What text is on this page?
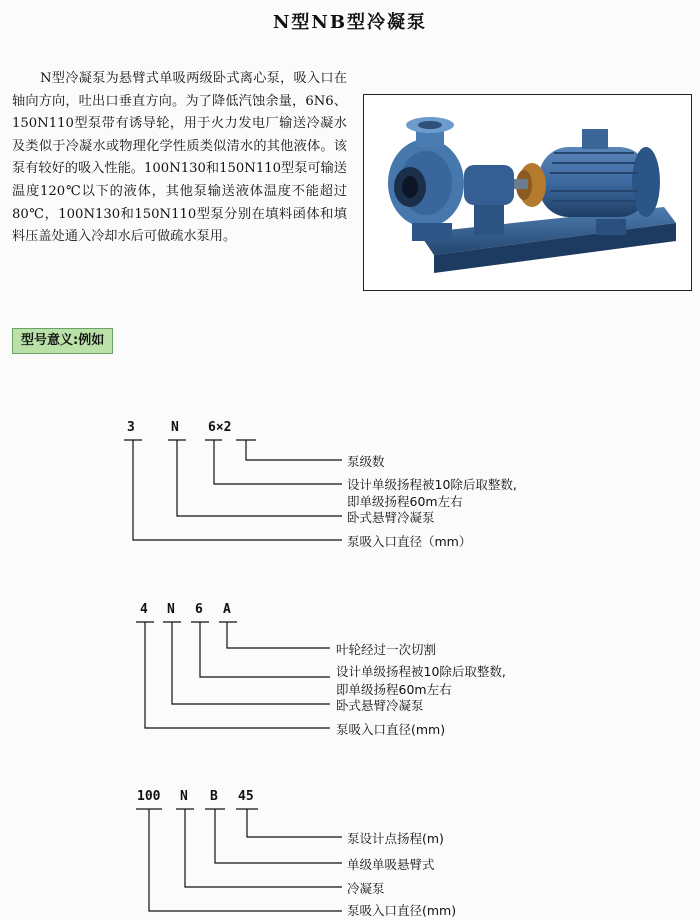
N型NB型冷凝泵
N型冷凝泵为悬臂式单吸两级卧式离心泵，吸入口在轴向方向，吐出口垂直方向。为了降低汽蚀余量，6N6、150N110型泵带有诱导轮，用于火力发电厂输送冷凝水及类似于冷凝水或物理化学性质类似清水的其他液体。该泵有较好的吸入性能。100N130和150N110型泵可输送温度120℃以下的液体，其他泵输送液体温度不能超过80℃，100N130和150N110型泵分别在填料函体和填料压盖处通入冷却水后可做疏水泵用。
型号意义:例如
3	N 6×2
泵级数
设计单级扬程被10除后取整数,
即单级扬程60m左右
卧式悬臂冷凝泵
泵吸入口直径（mm）
4 N 6 A
叶轮经过一次切割
设计单级扬程被10除后取整数,
即单级扬程60m左右
卧式悬臂冷凝泵
泵吸入口直径(mm)
100 N B 45
泵设计点扬程(m)
单级单吸悬臂式
冷凝泵
泵吸入口直径(mm)
